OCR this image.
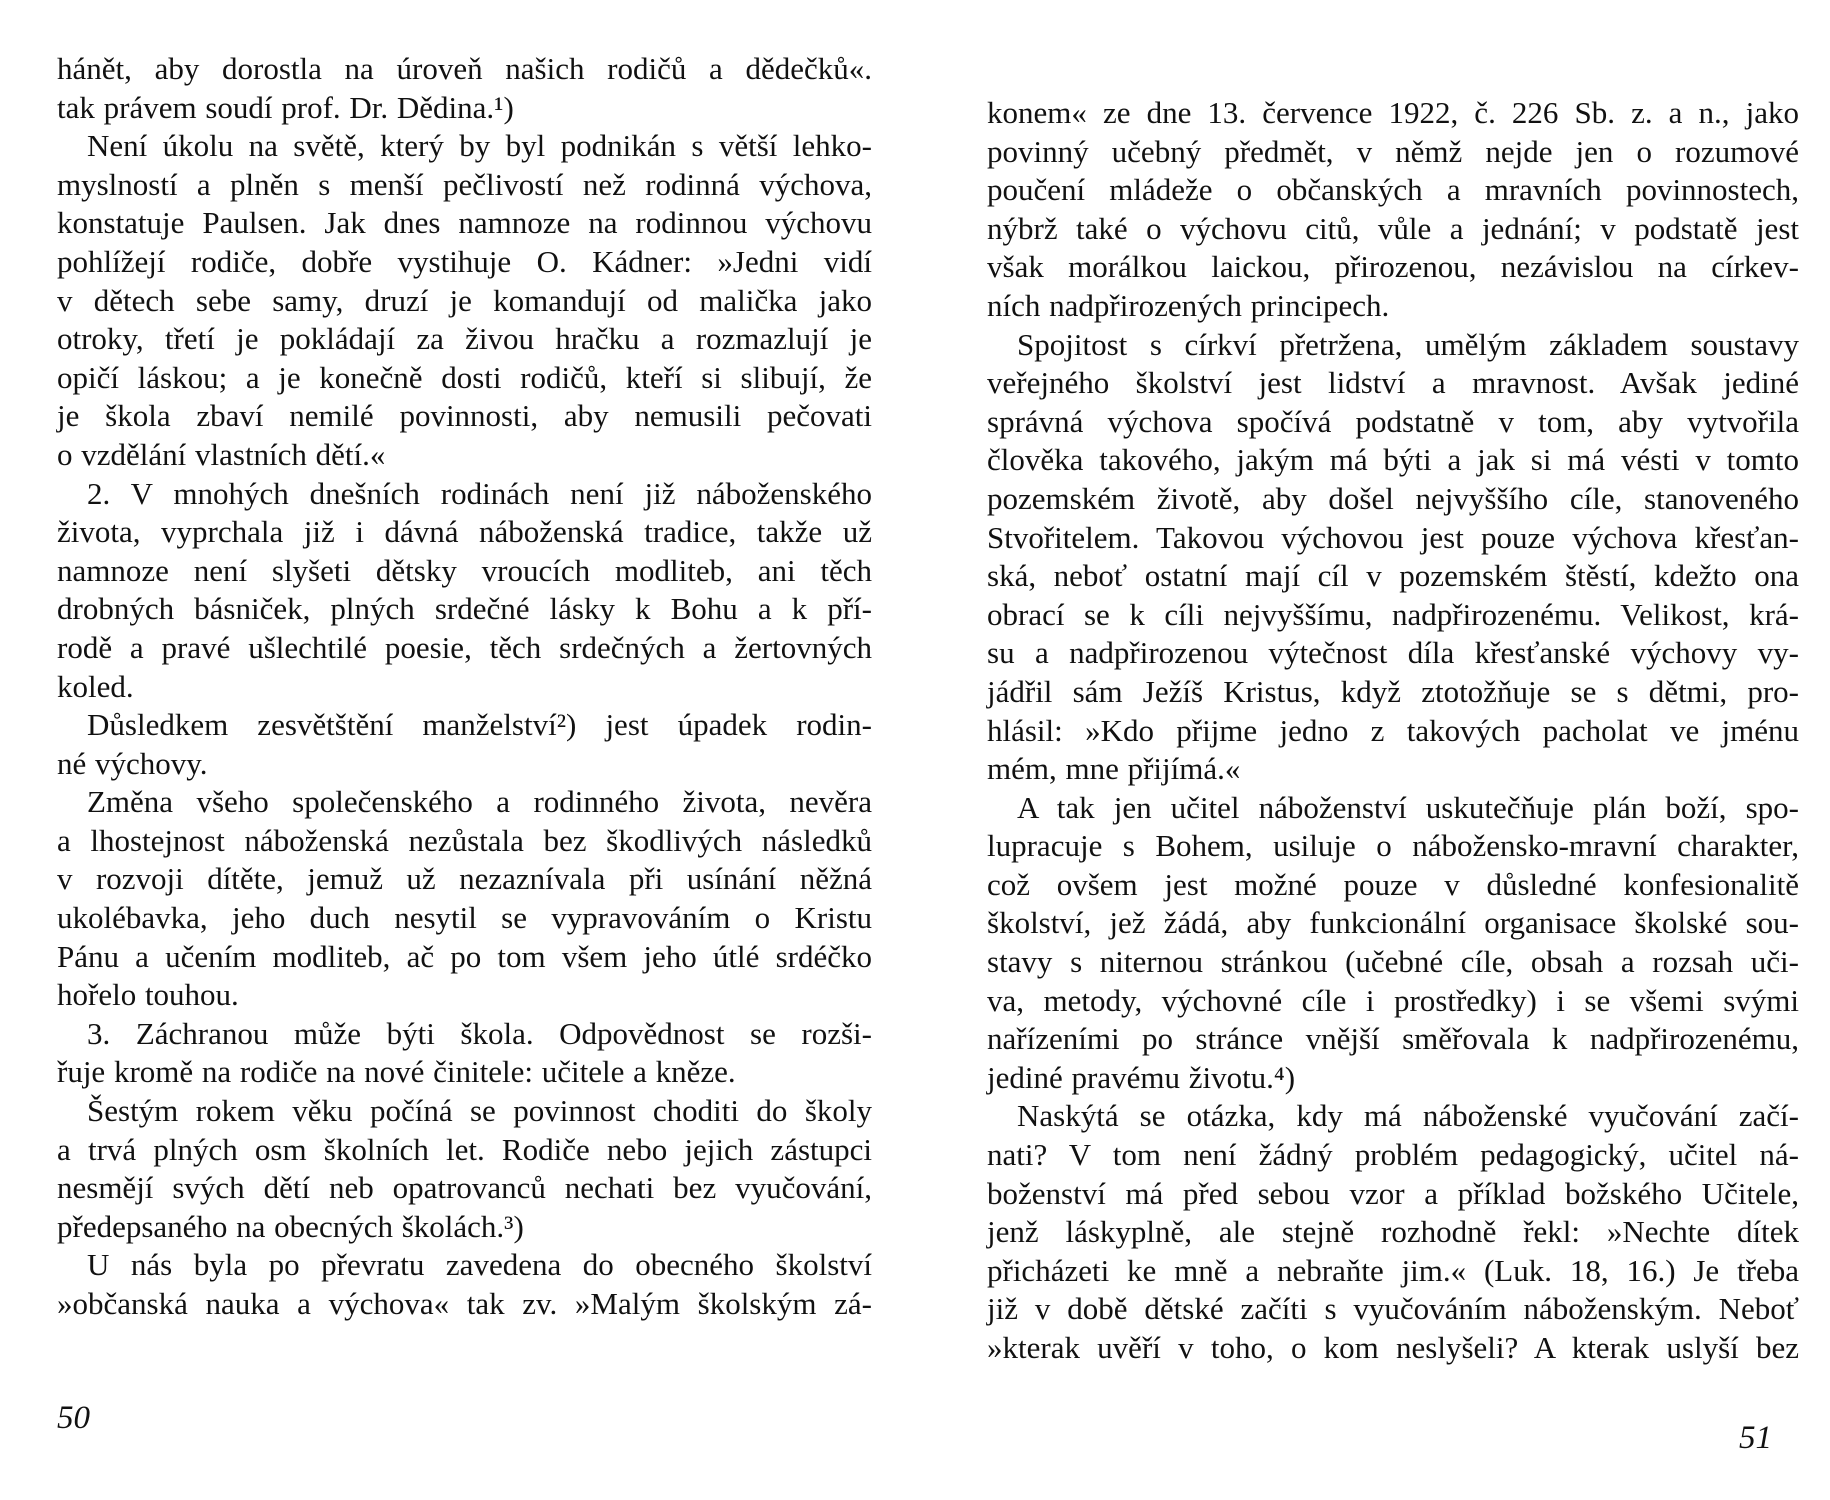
hánět, aby dorostla na úroveň našich rodičů a dědečků«.
tak právem soudí prof. Dr. Dědina.¹)
Není úkolu na světě, který by byl podnikán s větší lehko-
myslností a plněn s menší pečlivostí než rodinná výchova,
konstatuje Paulsen. Jak dnes namnoze na rodinnou výchovu
pohlížejí rodiče, dobře vystihuje O. Kádner: »Jedni vidí
v dětech sebe samy, druzí je komandují od malička jako
otroky, třetí je pokládají za živou hračku a rozmazlují je
opičí láskou; a je konečně dosti rodičů, kteří si slibují, že
je škola zbaví nemilé povinnosti, aby nemusili pečovati
o vzdělání vlastních dětí.«
2. V mnohých dnešních rodinách není již náboženského
života, vyprchala již i dávná náboženská tradice, takže už
namnoze není slyšeti dětsky vroucích modliteb, ani těch
drobných básniček, plných srdečné lásky k Bohu a k pří-
rodě a pravé ušlechtilé poesie, těch srdečných a žertovných
koled.
Důsledkem zesvětštění manželství²) jest úpadek rodin-
né výchovy.
Změna všeho společenského a rodinného života, nevěra
a lhostejnost náboženská nezůstala bez škodlivých následků
v rozvoji dítěte, jemuž už nezaznívala při usínání něžná
ukolébavka, jeho duch nesytil se vypravováním o Kristu
Pánu a učením modliteb, ač po tom všem jeho útlé srdéčko
hořelo touhou.
3. Záchranou může býti škola. Odpovědnost se rozši-
řuje kromě na rodiče na nové činitele: učitele a kněze.
Šestým rokem věku počíná se povinnost choditi do školy
a trvá plných osm školních let. Rodiče nebo jejich zástupci
nesmějí svých dětí neb opatrovanců nechati bez vyučování,
předepsaného na obecných školách.³)
U nás byla po převratu zavedena do obecného školství
»občanská nauka a výchova« tak zv. »Malým školským zá-
50
konem« ze dne 13. července 1922, č. 226 Sb. z. a n., jako
povinný učebný předmět, v němž nejde jen o rozumové
poučení mládeže o občanských a mravních povinnostech,
nýbrž také o výchovu citů, vůle a jednání; v podstatě jest
však morálkou laickou, přirozenou, nezávislou na církev-
ních nadpřirozených principech.
Spojitost s církví přetržena, umělým základem soustavy
veřejného školství jest lidství a mravnost. Avšak jediné
správná výchova spočívá podstatně v tom, aby vytvořila
člověka takového, jakým má býti a jak si má vésti v tomto
pozemském životě, aby došel nejvyššího cíle, stanoveného
Stvořitelem. Takovou výchovou jest pouze výchova křesťan-
ská, neboť ostatní mají cíl v pozemském štěstí, kdežto ona
obrací se k cíli nejvyššímu, nadpřirozenému. Velikost, krá-
su a nadpřirozenou výtečnost díla křesťanské výchovy vy-
jádřil sám Ježíš Kristus, když ztotožňuje se s dětmi, pro-
hlásil: »Kdo přijme jedno z takových pacholat ve jménu
mém, mne přijímá.«
A tak jen učitel náboženství uskutečňuje plán boží, spo-
lupracuje s Bohem, usiluje o nábožensko-mravní charakter,
což ovšem jest možné pouze v důsledné konfesionalitě
školství, jež žádá, aby funkcionální organisace školské sou-
stavy s niternou stránkou (učebné cíle, obsah a rozsah uči-
va, metody, výchovné cíle i prostředky) i se všemi svými
nařízeními po stránce vnější směřovala k nadpřirozenému,
jediné pravému životu.⁴)
Naskýtá se otázka, kdy má náboženské vyučování začí-
nati? V tom není žádný problém pedagogický, učitel ná-
boženství má před sebou vzor a příklad božského Učitele,
jenž láskyplně, ale stejně rozhodně řekl: »Nechte dítek
přicházeti ke mně a nebraňte jim.« (Luk. 18, 16.) Je třeba
již v době dětské začíti s vyučováním náboženským. Neboť
»kterak uvěří v toho, o kom neslyšeli? A kterak uslyší bez
51
